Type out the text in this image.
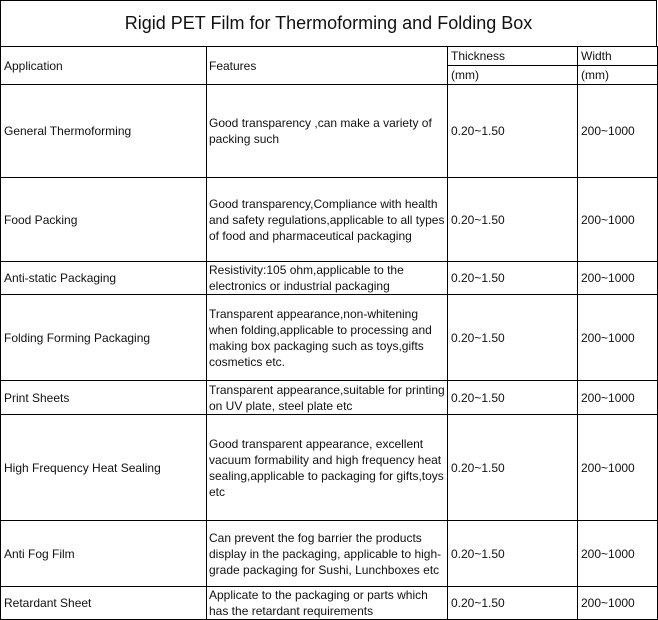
Rigid PET Film for Thermoforming and Folding Box
Application	Features	Thickness	Width
		(mm)	(mm)
General Thermoforming	Good transparency ,can make a variety of packing such	0.20~1.50	200~1000
Food Packing	Good transparency,Compliance with health and safety regulations,applicable to all types of food and pharmaceutical packaging	0.20~1.50	200~1000
Anti-static Packaging	Resistivity:105 ohm,applicable to the electronics or industrial packaging	0.20~1.50	200~1000
Folding Forming Packaging	Transparent appearance,non-whitening when folding,applicable to processing and making box packaging such as toys,gifts cosmetics etc.	0.20~1.50	200~1000
Print Sheets	Transparent appearance,suitable for printing on UV plate, steel plate etc	0.20~1.50	200~1000
High Frequency Heat Sealing	Good transparent appearance, excellent vacuum formability and high frequency heat sealing,applicable to packaging for gifts,toys etc	0.20~1.50	200~1000
Anti Fog Film	Can prevent the fog barrier the products display in the packaging, applicable to high-grade packaging for Sushi, Lunchboxes etc	0.20~1.50	200~1000
Retardant Sheet	Applicate to the packaging or parts which has the retardant requirements	0.20~1.50	200~1000
